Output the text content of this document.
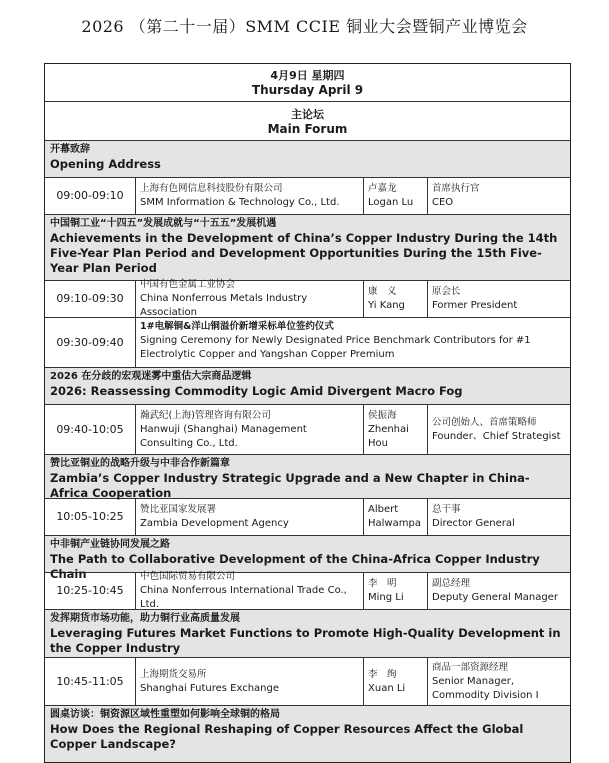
2026 （第二十一届）SMM CCIE 铜业大会暨铜产业博览会
4月9日 星期四
Thursday April 9
主论坛
Main Forum
开幕致辞
Opening Address
09:00-09:10
上海有色网信息科技股份有限公司
SMM Information & Technology Co., Ltd.
卢嘉龙
Logan Lu
首席执行官
CEO
中国铜工业“十四五”发展成就与“十五五”发展机遇
Achievements in the Development of China’s Copper Industry During the 14th Five-Year Plan Period and Development Opportunities During the 15th Five-Year Plan Period
09:10-09:30
中国有色金属工业协会
China Nonferrous Metals Industry Association
康　义
Yi Kang
原会长
Former President
09:30-09:40
1#电解铜&洋山铜溢价新增采标单位签约仪式
Signing Ceremony for Newly Designated Price Benchmark Contributors for #1 Electrolytic Copper and Yangshan Copper Premium
2026 在分歧的宏观迷雾中重估大宗商品逻辑
2026: Reassessing Commodity Logic Amid Divergent Macro Fog
09:40-10:05
瀚武纪(上海)管理咨询有限公司
Hanwuji (Shanghai) Management Consulting Co., Ltd.
侯振海
Zhenhai Hou
公司创始人、首席策略师
Founder、Chief Strategist
赞比亚铜业的战略升级与中非合作新篇章
Zambia’s Copper Industry Strategic Upgrade and a New Chapter in China-Africa Cooperation
10:05-10:25
赞比亚国家发展署
Zambia Development Agency
Albert
Halwampa
总干事
Director General
中非铜产业链协同发展之路
The Path to Collaborative Development of the China-Africa Copper Industry Chain
10:25-10:45
中色国际贸易有限公司
China Nonferrous International Trade Co., Ltd.
李　明
Ming Li
副总经理
Deputy General Manager
发挥期货市场功能，助力铜行业高质量发展
Leveraging Futures Market Functions to Promote High-Quality Development in the Copper Industry
10:45-11:05
上海期货交易所
Shanghai Futures Exchange
李　绚
Xuan Li
商品一部资源经理
Senior Manager, Commodity Division I
圆桌访谈：铜资源区域性重塑如何影响全球铜的格局
How Does the Regional Reshaping of Copper Resources Affect the Global Copper Landscape?
